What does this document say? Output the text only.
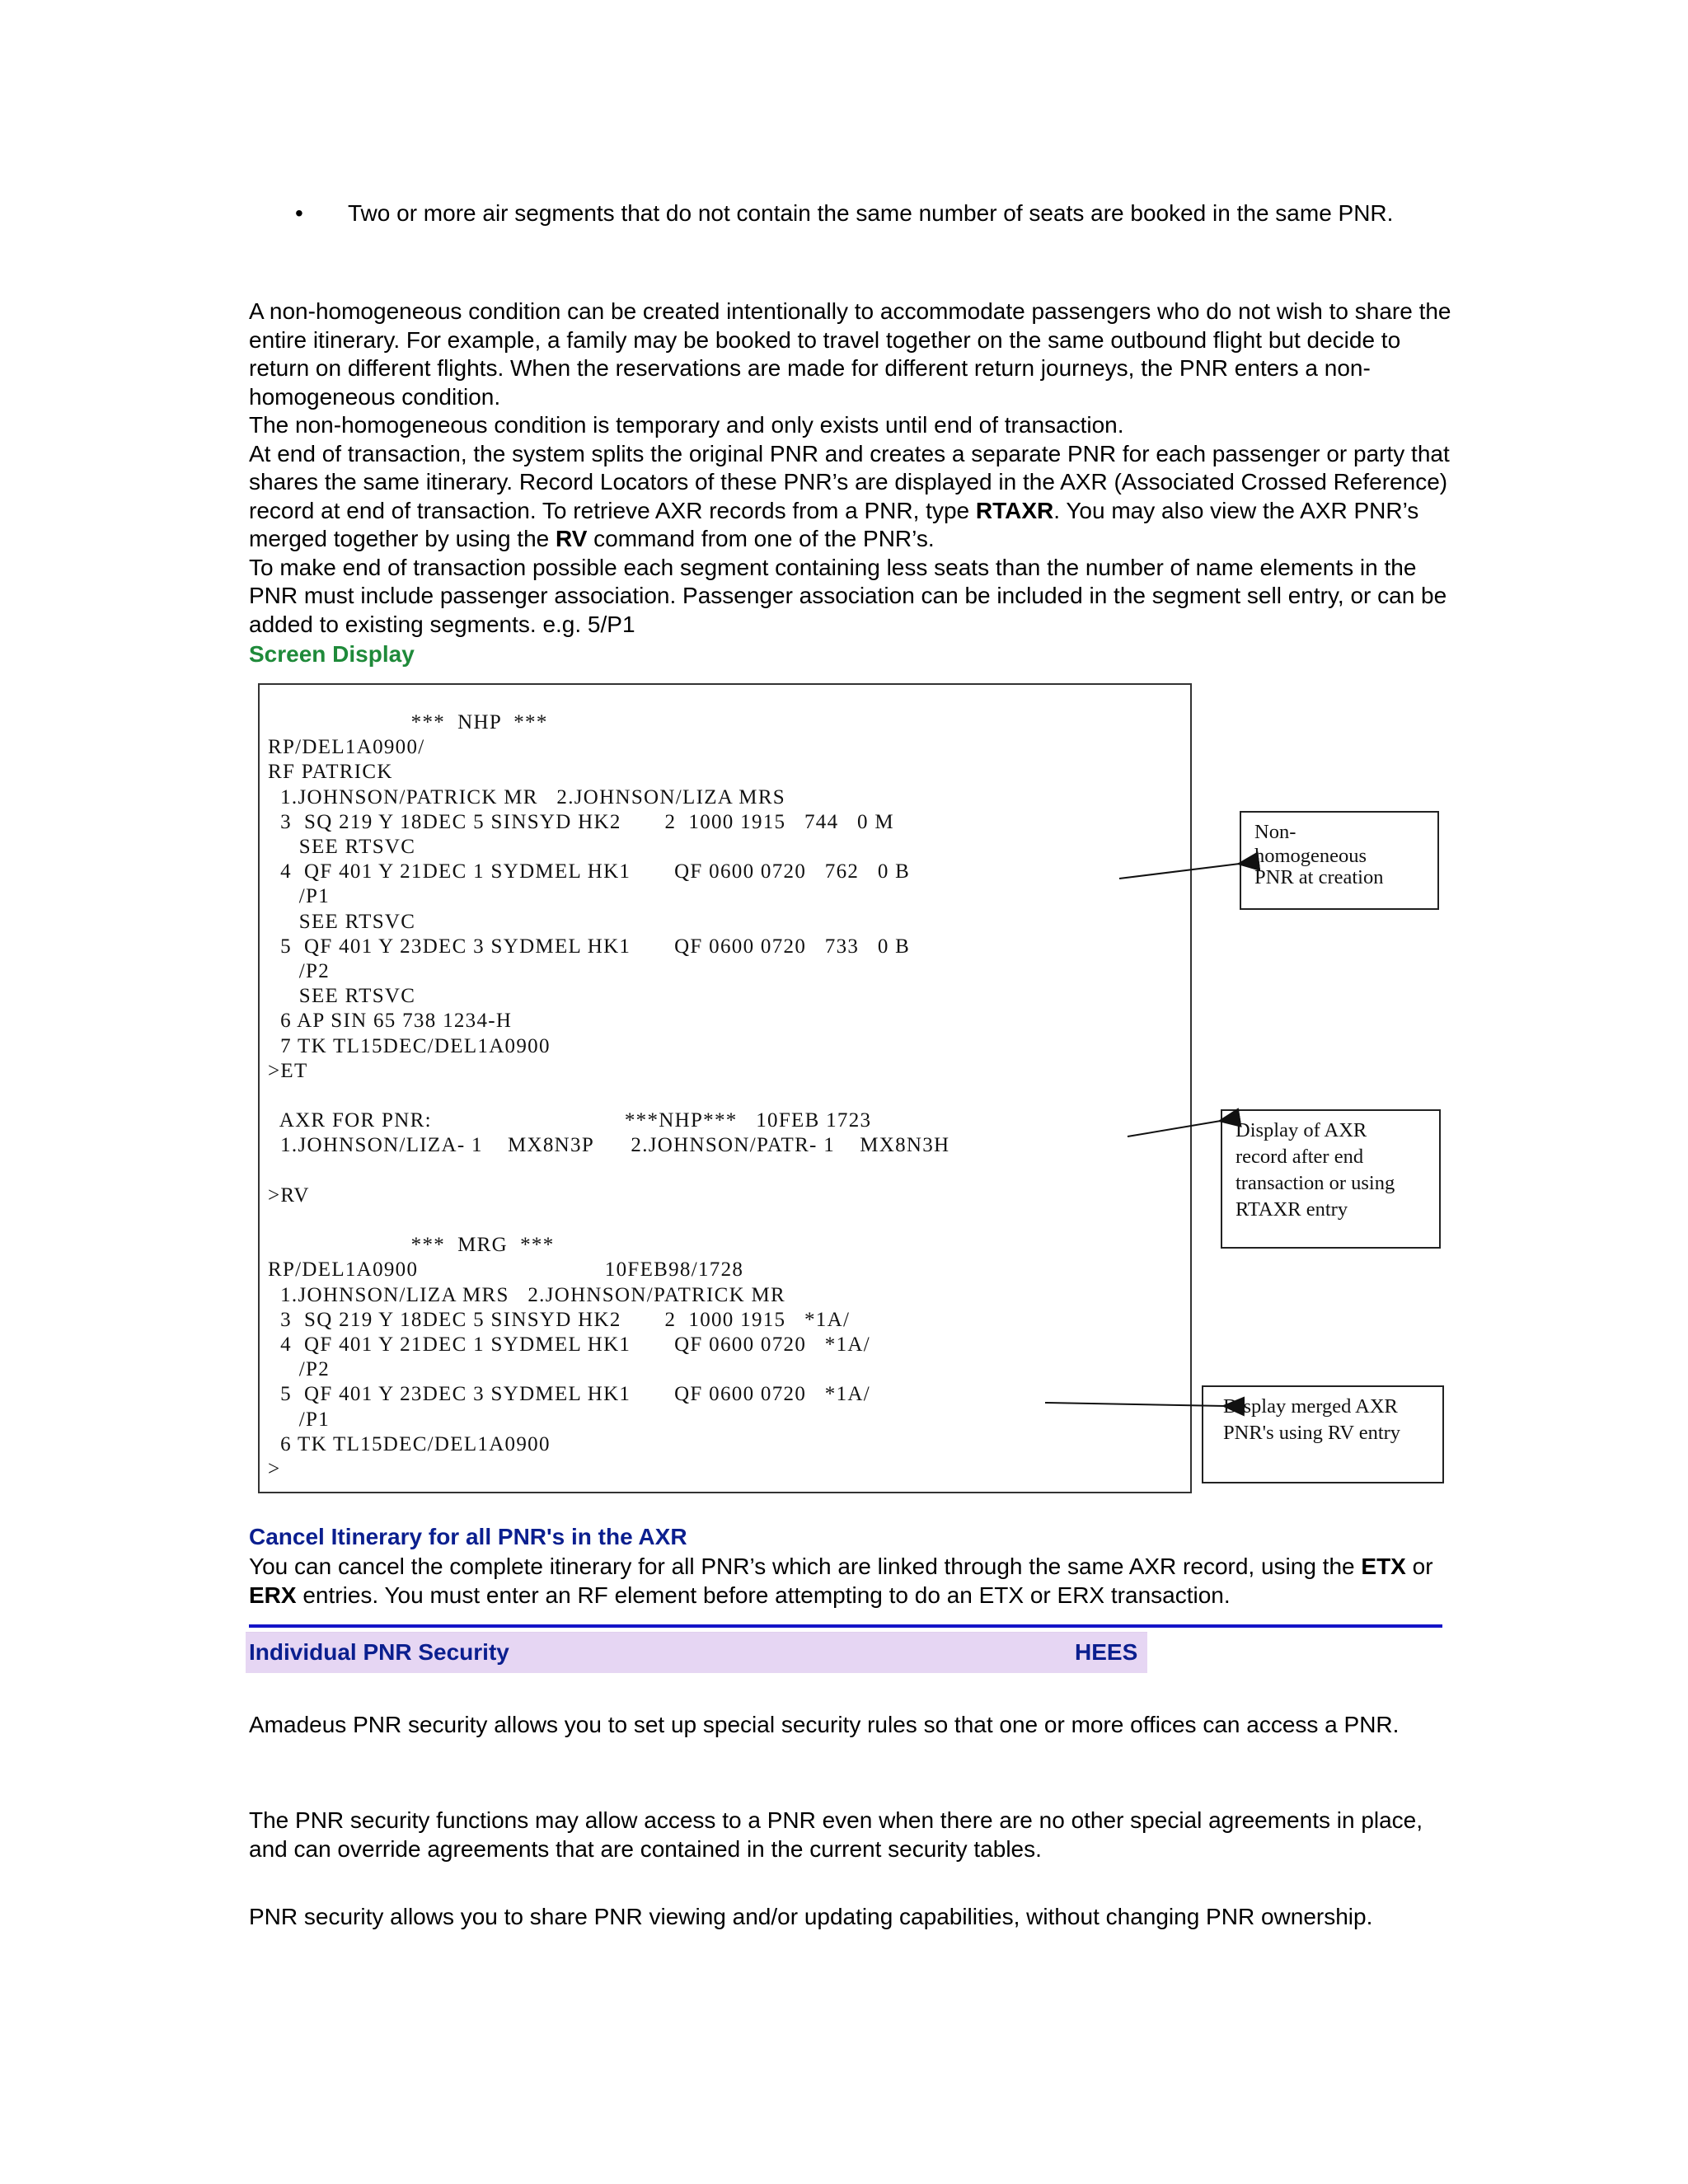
• Two or more air segments that do not contain the same number of seats are booked in the same PNR.

A non-homogeneous condition can be created intentionally to accommodate passengers who do not wish to share the entire itinerary. For example, a family may be booked to travel together on the same outbound flight but decide to return on different flights. When the reservations are made for different return journeys, the PNR enters a non-homogeneous condition.

The non-homogeneous condition is temporary and only exists until end of transaction.

At end of transaction, the system splits the original PNR and creates a separate PNR for each passenger or party that shares the same itinerary. Record Locators of these PNR’s are displayed in the AXR (Associated Crossed Reference) record at end of transaction. To retrieve AXR records from a PNR, type RTAXR. You may also view the AXR PNR’s merged together by using the RV command from one of the PNR’s.

To make end of transaction possible each segment containing less seats than the number of name elements in the PNR must include passenger association. Passenger association can be included in the segment sell entry, or can be added to existing segments. e.g. 5/P1

Screen Display
***  NHP  ***
RP/DEL1A0900/
RF PATRICK
1.JOHNSON/PATRICK MR   2.JOHNSON/LIZA MRS
3  SQ 219 Y 18DEC 5 SINSYD HK2       2  1000 1915   744   0 M
SEE RTSVC
4  QF 401 Y 21DEC 1 SYDMEL HK1       QF 0600 0720   762   0 B
/P1
SEE RTSVC
5  QF 401 Y 23DEC 3 SYDMEL HK1       QF 0600 0720   733   0 B
/P2
SEE RTSVC
6 AP SIN 65 738 1234-H
7 TK TL15DEC/DEL1A0900
>ET

AXR FOR PNR:                               ***NHP***   10FEB 1723
1.JOHNSON/LIZA- 1    MX8N3P      2.JOHNSON/PATR- 1    MX8N3H

>RV

***  MRG  ***
RP/DEL1A0900                              10FEB98/1728
1.JOHNSON/LIZA MRS   2.JOHNSON/PATRICK MR
3  SQ 219 Y 18DEC 5 SINSYD HK2       2  1000 1915   *1A/
4  QF 401 Y 21DEC 1 SYDMEL HK1       QF 0600 0720   *1A/
/P2
5  QF 401 Y 23DEC 3 SYDMEL HK1       QF 0600 0720   *1A/
/P1
6 TK TL15DEC/DEL1A0900
>
Non-
homogeneous
PNR at creation
Display of AXR
record after end
transaction or using
RTAXR entry
Display merged AXR
PNR's using RV entry
Cancel Itinerary for all PNR's in the AXR
You can cancel the complete itinerary for all PNR’s which are linked through the same AXR record, using the ETX or ERX entries. You must enter an RF element before attempting to do an ETX or ERX transaction.
Individual PNR Security	HEES
Amadeus PNR security allows you to set up special security rules so that one or more offices can access a PNR.
The PNR security functions may allow access to a PNR even when there are no other special agreements in place, and can override agreements that are contained in the current security tables.
PNR security allows you to share PNR viewing and/or updating capabilities, without changing PNR ownership.
